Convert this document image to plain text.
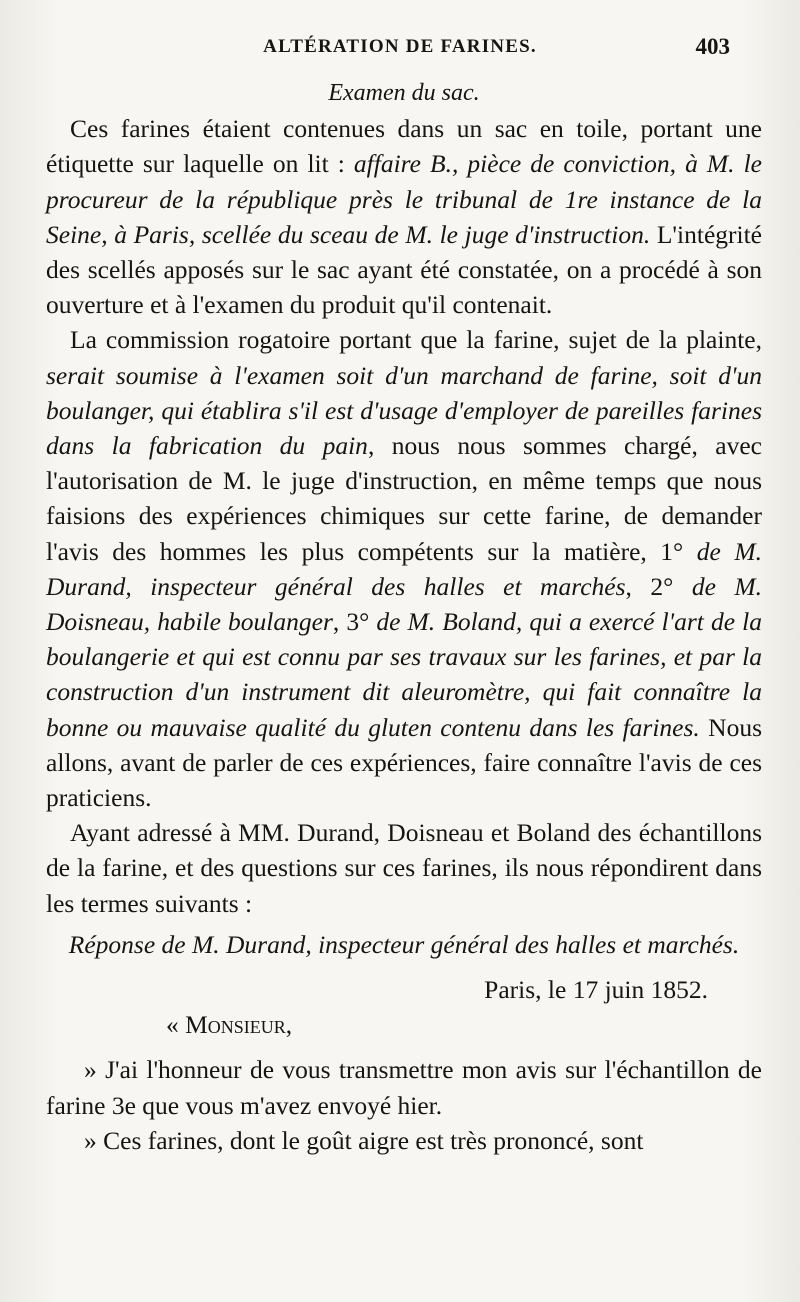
ALTÉRATION DE FARINES.	403

Examen du sac.

Ces farines étaient contenues dans un sac en toile, portant une étiquette sur laquelle on lit : affaire B., pièce de conviction, à M. le procureur de la république près le tribunal de 1re instance de la Seine, à Paris, scellée du sceau de M. le juge d'instruction. L'intégrité des scellés apposés sur le sac ayant été constatée, on a procédé à son ouverture et à l'examen du produit qu'il contenait.

La commission rogatoire portant que la farine, sujet de la plainte, serait soumise à l'examen soit d'un marchand de farine, soit d'un boulanger, qui établira s'il est d'usage d'employer de pareilles farines dans la fabrication du pain, nous nous sommes chargé, avec l'autorisation de M. le juge d'instruction, en même temps que nous faisions des expériences chimiques sur cette farine, de demander l'avis des hommes les plus compétents sur la matière, 1° de M. Durand, inspecteur général des halles et marchés, 2° de M. Doisneau, habile boulanger, 3° de M. Boland, qui a exercé l'art de la boulangerie et qui est connu par ses travaux sur les farines, et par la construction d'un instrument dit aleuromètre, qui fait connaître la bonne ou mauvaise qualité du gluten contenu dans les farines. Nous allons, avant de parler de ces expériences, faire connaître l'avis de ces praticiens.

Ayant adressé à MM. Durand, Doisneau et Boland des échantillons de la farine, et des questions sur ces farines, ils nous répondirent dans les termes suivants :

Réponse de M. Durand, inspecteur général des halles et marchés.

Paris, le 17 juin 1852.

« Monsieur,

» J'ai l'honneur de vous transmettre mon avis sur l'échantillon de farine 3e que vous m'avez envoyé hier.

» Ces farines, dont le goût aigre est très prononcé, sont
